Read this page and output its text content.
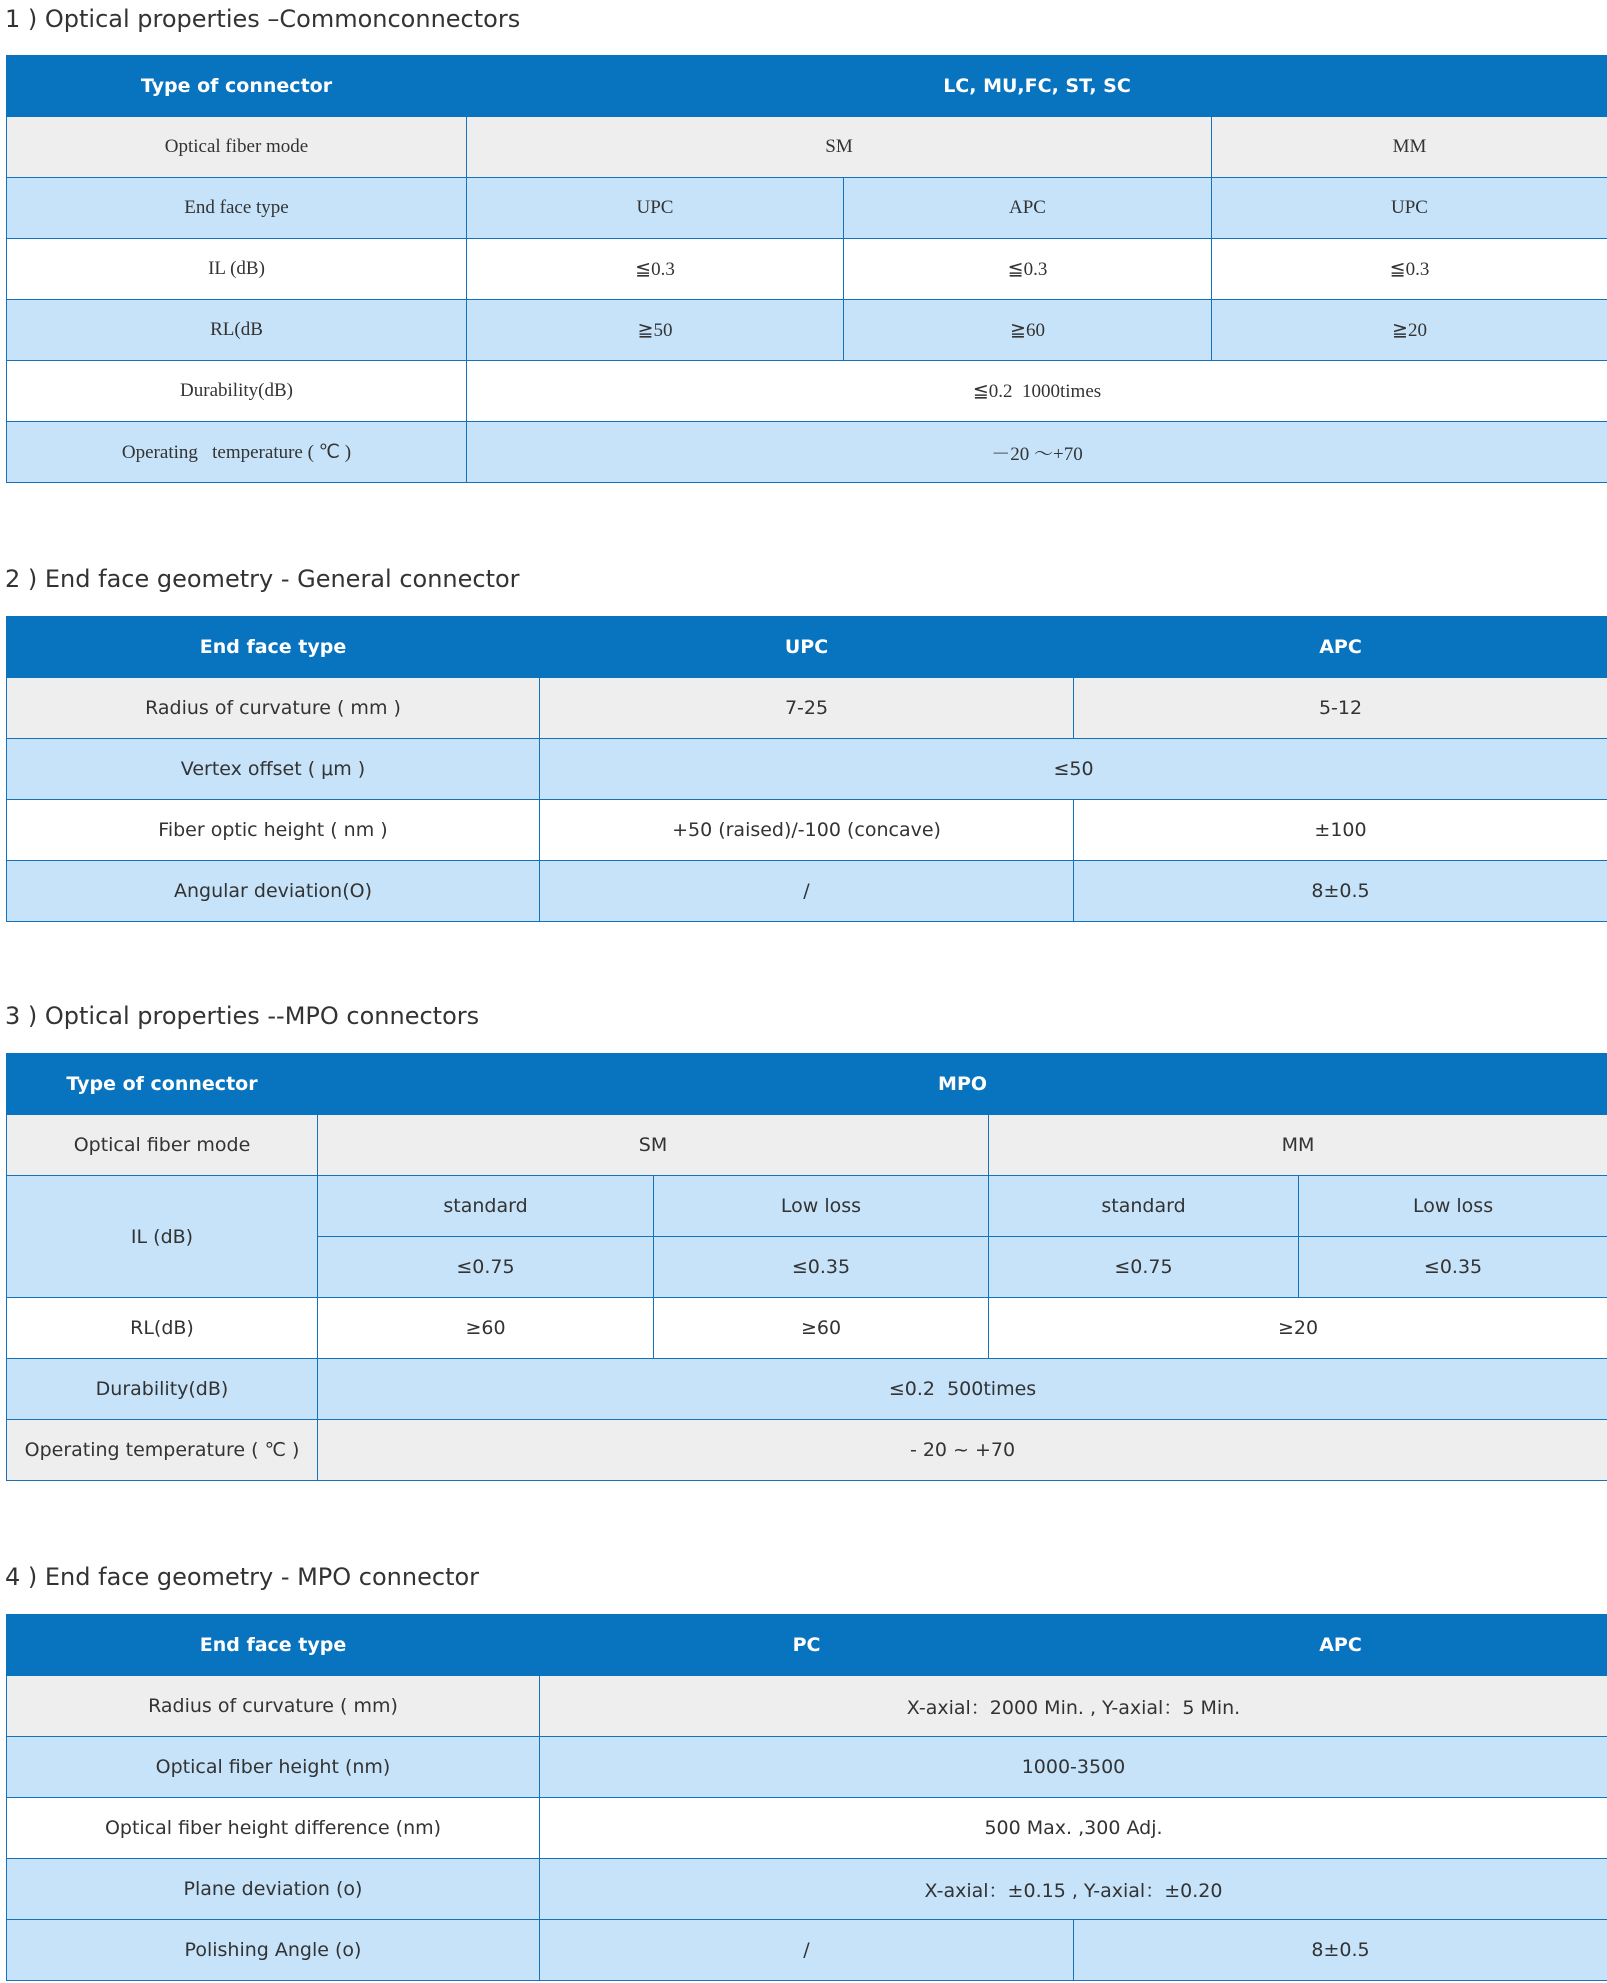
1 ) Optical properties –Commonconnectors
Type of connector	LC, MU,FC, ST, SC		
Optical fiber mode	SM		MM
End face type	UPC	APC	UPC
IL (dB)	≦0.3	≦0.3	≦0.3
RL(dB	≧50	≧60	≧20
Durability(dB)	≦0.2  1000times		
Operating   temperature ( ℃ )	－20 ～+70		
2 ) End face geometry - General connector
End face type	UPC	APC
Radius of curvature ( mm )	7-25	5-12
Vertex offset ( μm )	≤50	
Fiber optic height ( nm )	+50 (raised)/-100 (concave)	±100
Angular deviation(O)	/	8±0.5
3 ) Optical properties --MPO connectors
Type of connector	MPO			
Optical fiber mode	SM		MM	
IL (dB)	standard	Low loss	standard	Low loss
	≤0.75	≤0.35	≤0.75	≤0.35
RL(dB)	≥60	≥60	≥20	
Durability(dB)	≤0.2  500times			
Operating temperature ( ℃ )	- 20 ~ +70			
4 ) End face geometry - MPO connector
End face type	PC	APC
Radius of curvature ( mm)	X-axial：2000 Min. , Y-axial：5 Min.	
Optical fiber height (nm)	1000-3500	
Optical fiber height difference (nm)	500 Max. ,300 Adj.	
Plane deviation (o)	X-axial：±0.15 , Y-axial：±0.20	
Polishing Angle (o)	/	8±0.5
